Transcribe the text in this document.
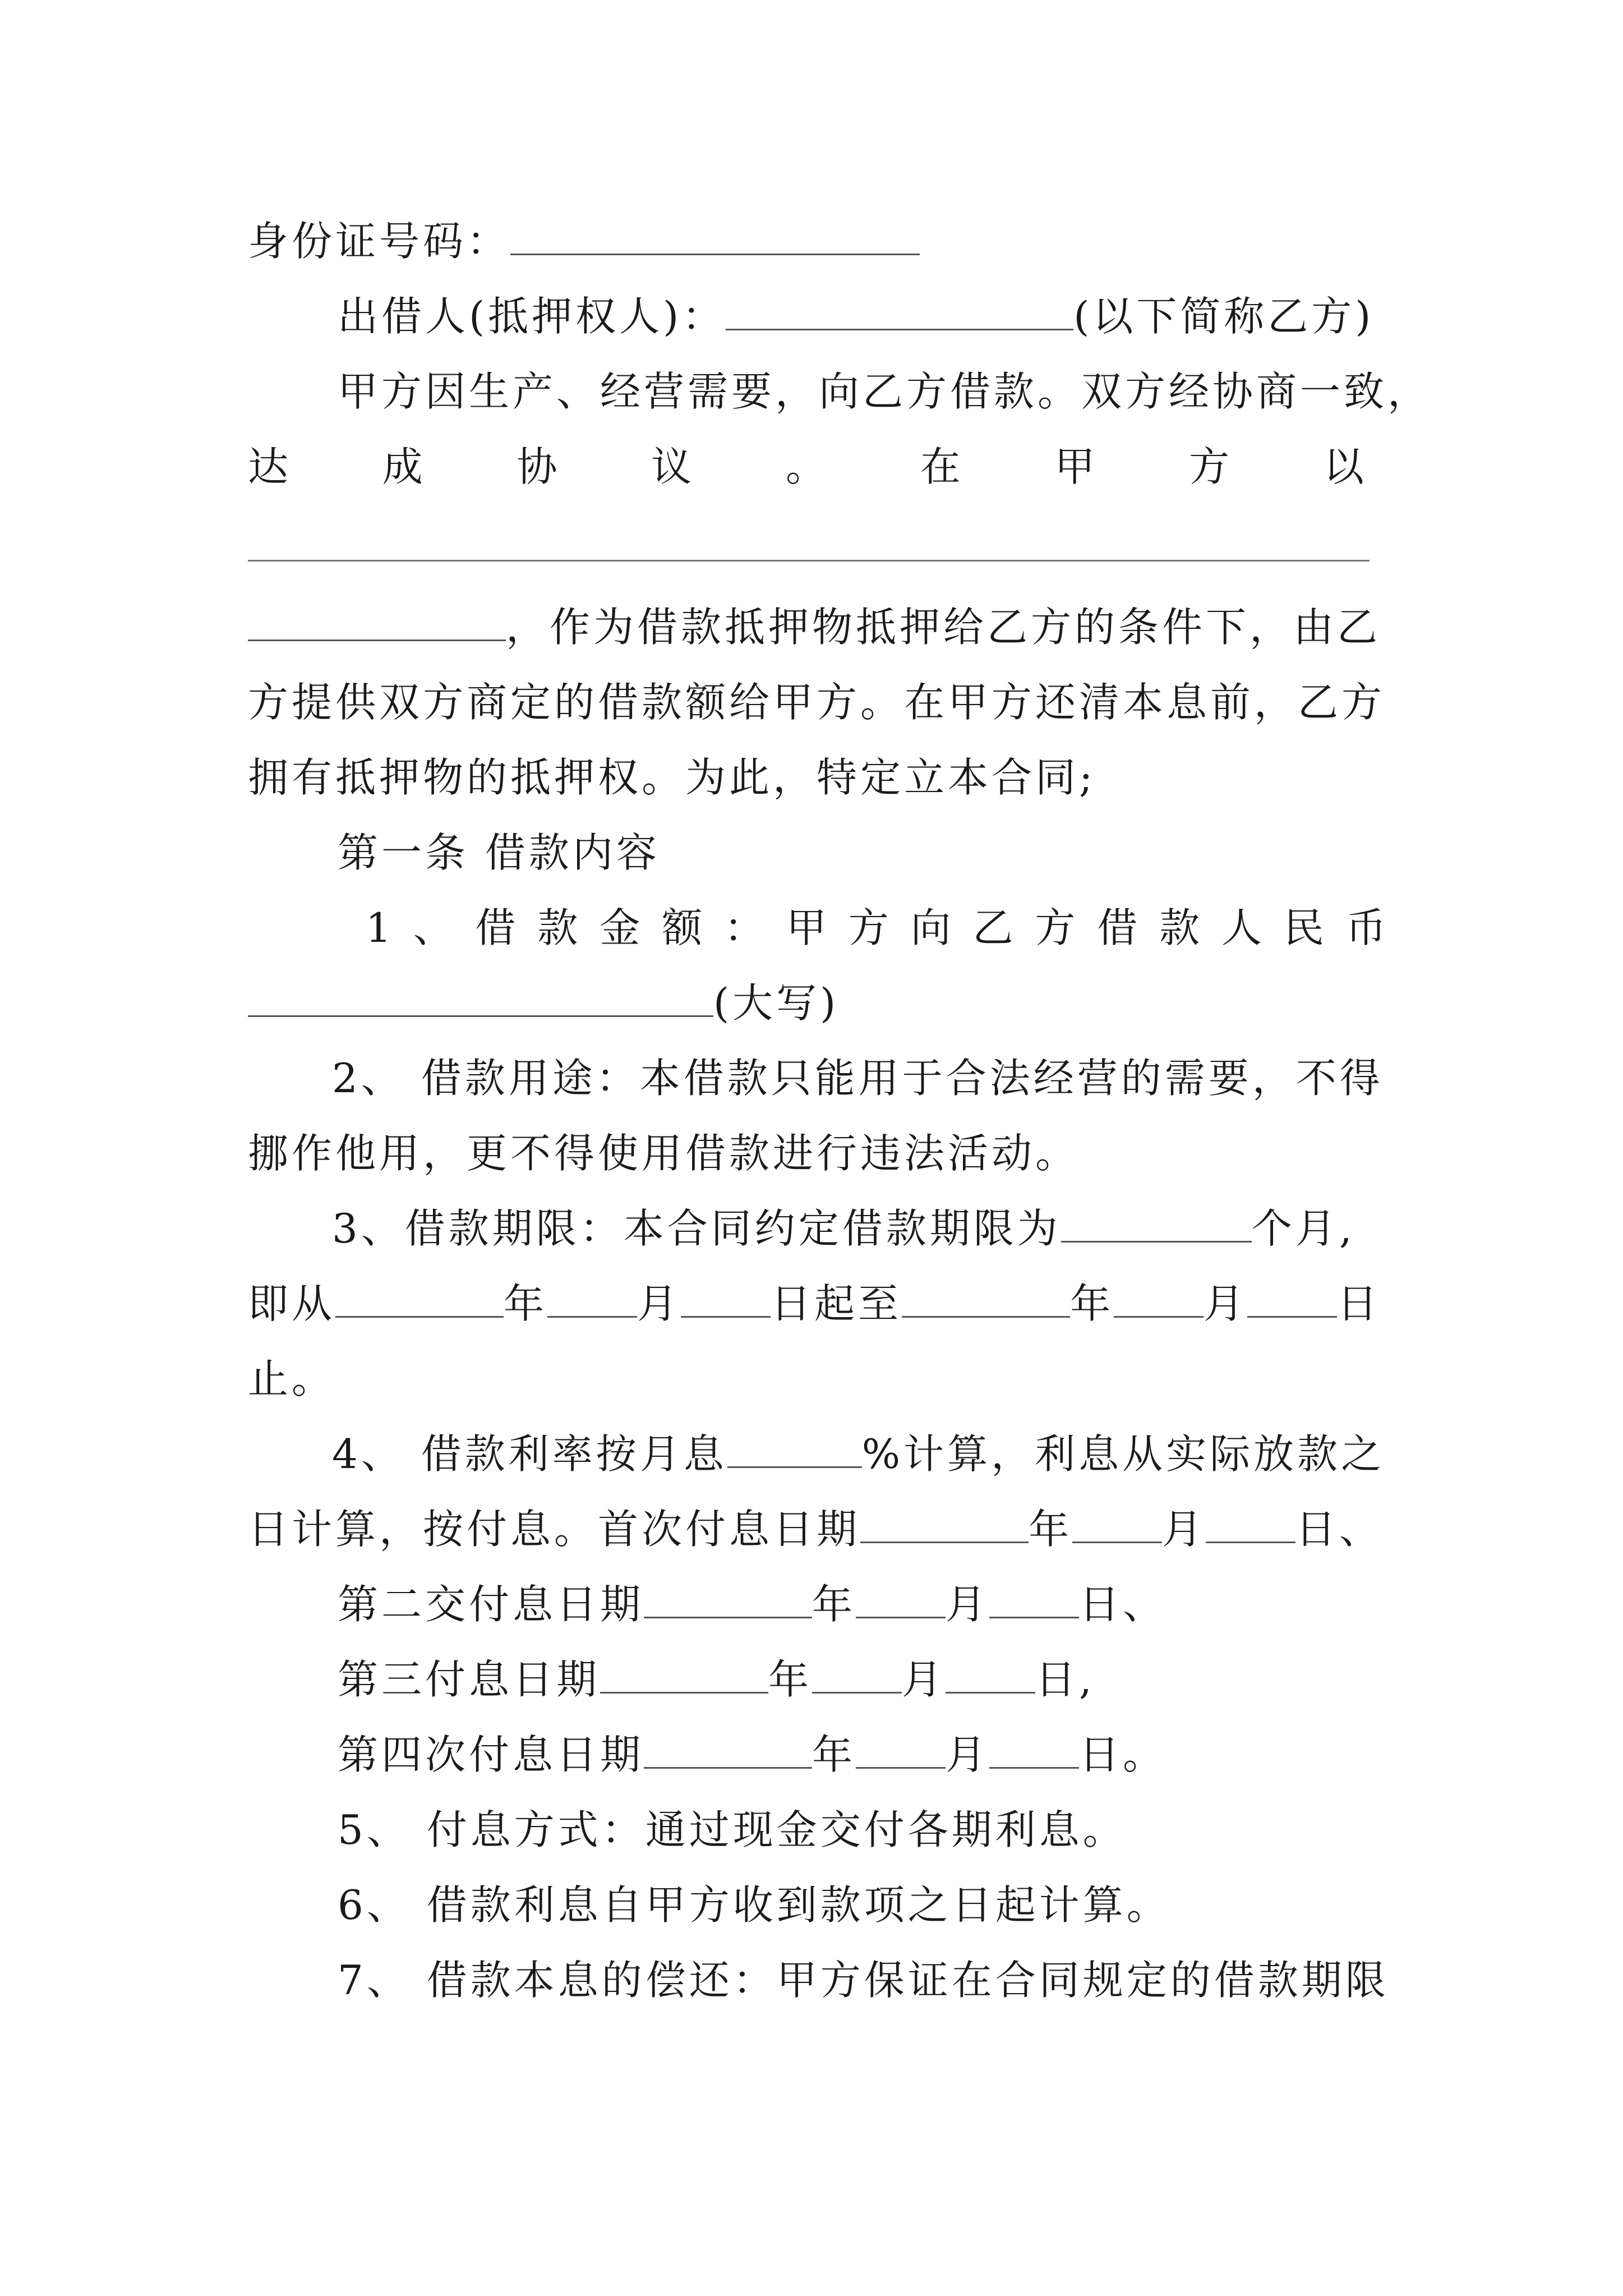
身份证号码：
出借人(抵押权人)：	(以下简称乙方)
甲方因生产、经营需要，向乙方借款。双方经协商一致，
达 成 协 议 。 在 甲 方 以
，作为借款抵押物抵押给乙方的条件下，由乙
方提供双方商定的借款额给甲方。在甲方还清本息前，乙方
拥有抵押物的抵押权。为此，特定立本合同;
第一条 借款内容
1 、 借 款 金 额 ： 甲 方 向 乙 方 借 款 人 民 币
(大写)
2、 借款用途：本借款只能用于合法经营的需要，不得
挪作他用，更不得使用借款进行违法活动。
3、借款期限：本合同约定借款期限为	个月,
即从	年 月 日起至	年 月 日
止。
4、 借款利率按月息	%计算，利息从实际放款之
日计算，按付息。首次付息日期	年 月 日、
第二交付息日期	年 月 日、
第三付息日期	年 月 日,
第四次付息日期	年 月 日。
5、 付息方式：通过现金交付各期利息。
6、 借款利息自甲方收到款项之日起计算。
7、 借款本息的偿还：甲方保证在合同规定的借款期限
